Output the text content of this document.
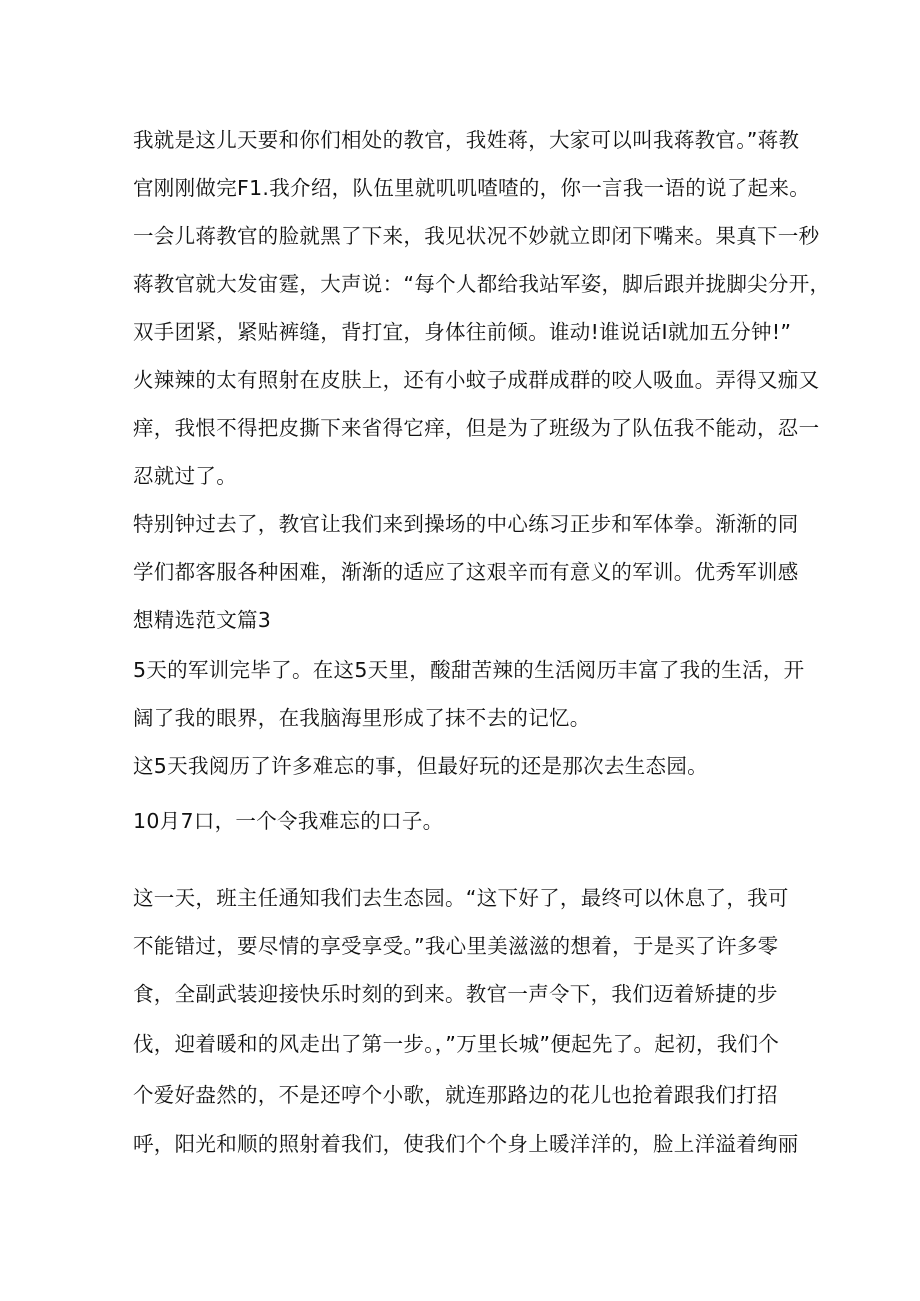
我就是这儿天要和你们相处的教官，我姓蒋，大家可以叫我蒋教官。”蒋教
官刚刚做完F1.我介绍，队伍里就叽叽喳喳的，你一言我一语的说了起来。
一会儿蒋教官的脸就黑了下来，我见状况不妙就立即闭下嘴来。果真下一秒
蒋教官就大发宙霆，大声说：“每个人都给我站军姿，脚后跟并拢脚尖分开，
双手团紧，紧贴裤缝，背打宜，身体往前倾。谁动!谁说话I就加五分钟!”
火辣辣的太有照射在皮肤上，还有小蚊子成群成群的咬人吸血。弄得又痂又
痒，我恨不得把皮撕下来省得它痒，但是为了班级为了队伍我不能动，忍一
忍就过了。
特别钟过去了，教官让我们来到操场的中心练习正步和军体拳。渐渐的同
学们都客服各种困难，渐渐的适应了这艰辛而有意义的军训。优秀军训感
想精选范文篇3
5天的军训完毕了。在这5天里，酸甜苦辣的生活阅历丰富了我的生活，开
阔了我的眼界，在我脑海里形成了抹不去的记忆。
这5天我阅历了许多难忘的事，但最好玩的还是那次去生态园。
10月7口，一个令我难忘的口子。
这一天，班主任通知我们去生态园。“这下好了，最终可以休息了，我可
不能错过，要尽情的享受享受。”我心里美滋滋的想着，于是买了许多零
食，全副武装迎接快乐时刻的到来。教官一声令下，我们迈着矫捷的步
伐，迎着暖和的风走出了第一步。，”万里长城”便起先了。起初，我们个
个爱好盎然的，不是还哼个小歌，就连那路边的花儿也抢着跟我们打招
呼，阳光和顺的照射着我们，使我们个个身上暖洋洋的，脸上洋溢着绚丽
